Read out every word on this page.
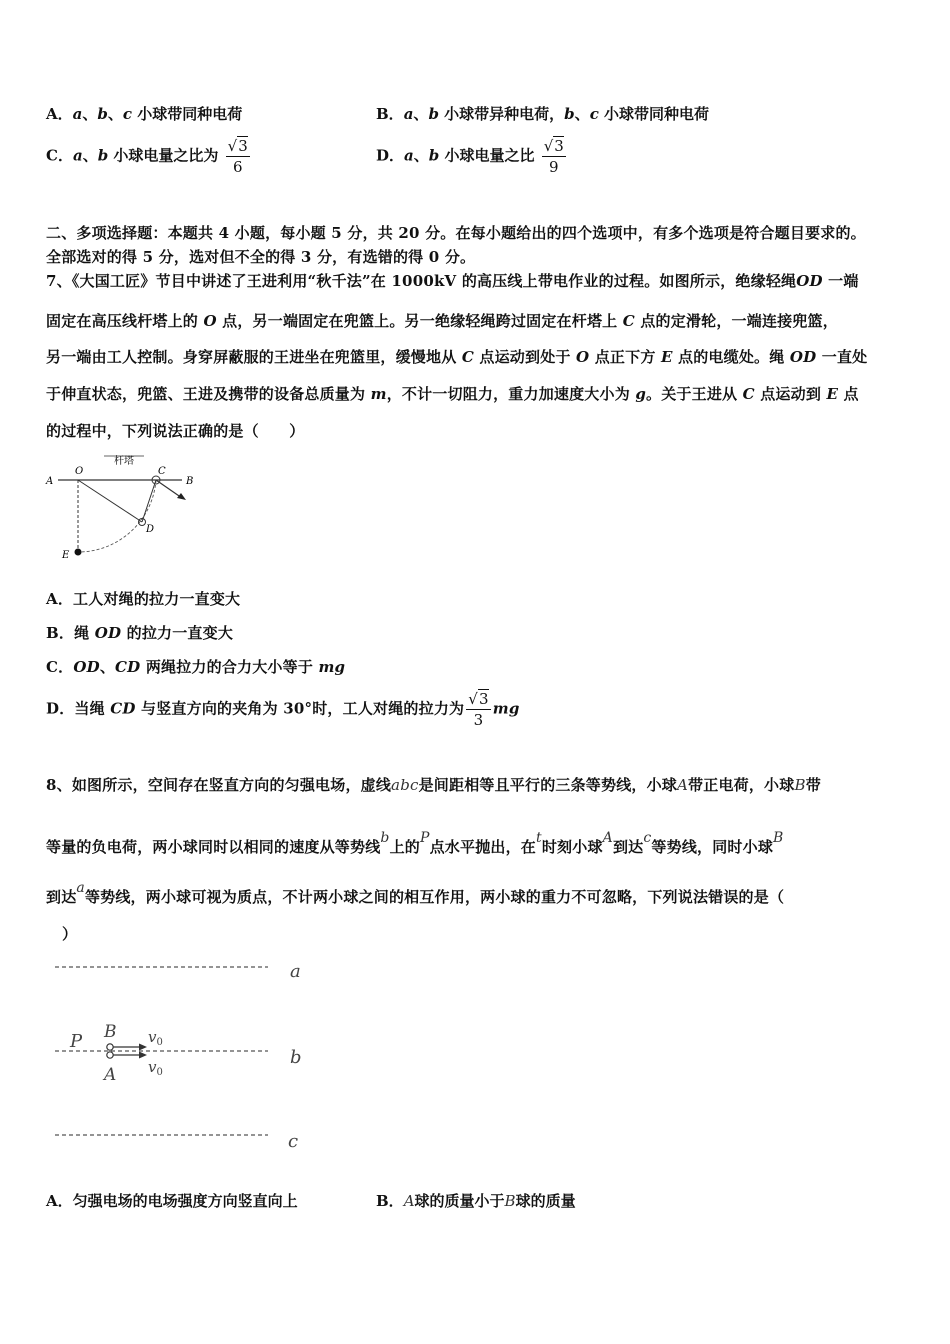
A．a、b、c 小球带同种电荷	B．a、b 小球带异种电荷，b、c 小球带同种电荷
C．a、b 小球电量之比为 $\frac{√3}{6}$	D．a、b 小球电量之比 $\frac{√3}{9}$
二、多项选择题：本题共 4 小题，每小题 5 分，共 20 分。在每小题给出的四个选项中，有多个选项是符合题目要求的。
全部选对的得 5 分，选对但不全的得 3 分，有选错的得 0 分。
7、《大国工匠》节目中讲述了王进利用“秋千法”在 1000kV 的高压线上带电作业的过程。如图所示，绝缘轻绳OD 一端
固定在高压线杆塔上的 O 点，另一端固定在兜篮上。另一绝缘轻绳跨过固定在杆塔上 C 点的定滑轮，一端连接兜篮，
另一端由工人控制。身穿屏蔽服的王进坐在兜篮里，缓慢地从 C 点运动到处于 O 点正下方 E 点的电缆处。绳 OD 一直处
于伸直状态，兜篮、王进及携带的设备总质量为 m，不计一切阻力，重力加速度大小为 g。关于王进从 C 点运动到 E 点
的过程中，下列说法正确的是（　　）
A
O
杆塔
C
B
D
E
A．工人对绳的拉力一直变大
B．绳 OD 的拉力一直变大
C．OD、CD 两绳拉力的合力大小等于 mg
D．当绳 CD 与竖直方向的夹角为 30°时，工人对绳的拉力为 $\frac{√3}{3}$ mg
8、如图所示，空间存在竖直方向的匀强电场，虚线abc是间距相等且平行的三条等势线，小球A带正电荷，小球B带
等量的负电荷，两小球同时以相同的速度从等势线b上的P点水平抛出，在t时刻小球A到达c等势线，同时小球B
到达a等势线，两小球可视为质点，不计两小球之间的相互作用，两小球的重力不可忽略，下列说法错误的是（
）
a
b
c
P B
A
$v_0$
$v_0$
A．匀强电场的电场强度方向竖直向上	B．A球的质量小于B球的质量
